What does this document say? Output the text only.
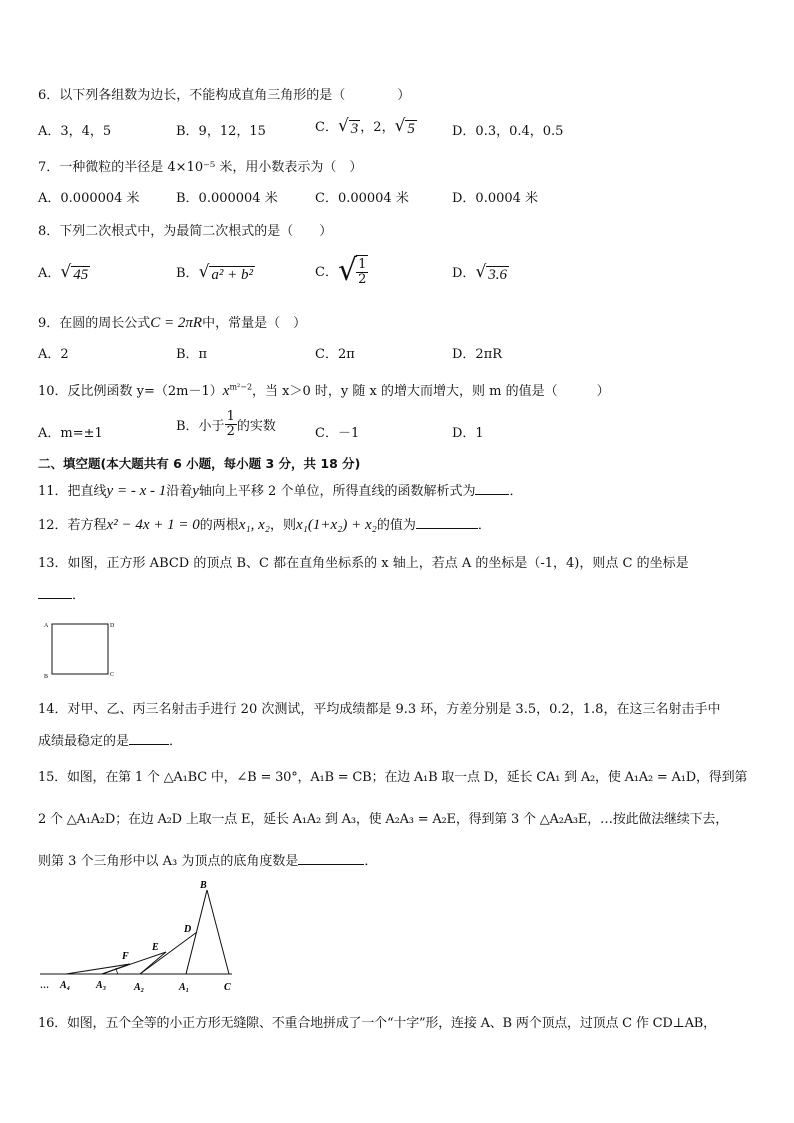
6．以下列各组数为边长，不能构成直角三角形的是（　　　　）
A．3，4，5	B．9，12，15	C． √ 3 ，2， √ 5	D．0.3，0.4，0.5
7．一种微粒的半径是 4×10⁻⁵ 米，用小数表示为（　）
A．0.000004 米	B．0.000004 米	C．0.00004 米	D．0.0004 米
8．下列二次根式中，为最简二次根式的是（　　）
A． √ 45	B． √ a² + b²	C． √ $\frac{1}{2}$	D． √ 3.6
9．在圆的周长公式C = 2πR中，常量是（　）
A．2	B．π	C．2π	D．2πR
10．反比例函数 $y=(2m-1)x^{m^2-2}$，当 x＞0 时，y 随 x 的增大而增大，则 m 的值是（　　　）
A．m=±1	B．小于 $\frac{1}{2}$ 的实数	C．－1	D．1
二、填空题(本大题共有 6 小题，每小题 3 分，共 18 分)
11．把直线y = - x - 1沿着y轴向上平移 2 个单位，所得直线的函数解析式为	．
12．若方程x² − 4x + 1 = 0的两根x₁, x₂，则x₁(1+x₂) + x₂的值为	．
13．如图，正方形 ABCD 的顶点 B、C 都在直角坐标系的 x 轴上，若点 A 的坐标是（-1，4)，则点 C 的坐标是
．
A	D
B	C
14．对甲、乙、丙三名射击手进行 20 次测试，平均成绩都是 9.3 环，方差分别是 3.5，0.2，1.8，在这三名射击手中
成绩最稳定的是	．
15．如图，在第 1 个 △A₁BC 中，∠B = 30°，A₁B = CB；在边 A₁B 取一点 D，延长 CA₁ 到 A₂，使 A₁A₂ = A₁D，得到第
2 个 △A₁A₂D；在边 A₂D 上取一点 E，延长 A₁A₂ 到 A₃，使 A₂A₃ = A₂E，得到第 3 个 △A₂A₃E，…按此做法继续下去，
则第 3 个三角形中以 A₃ 为顶点的底角度数是	．
B
D
E
F
… A₄	A₃	A₂	A₁	C
16．如图，五个全等的小正方形无缝隙、不重合地拼成了一个“十字”形，连接 A、B 两个顶点，过顶点 C 作 CD⊥AB，
